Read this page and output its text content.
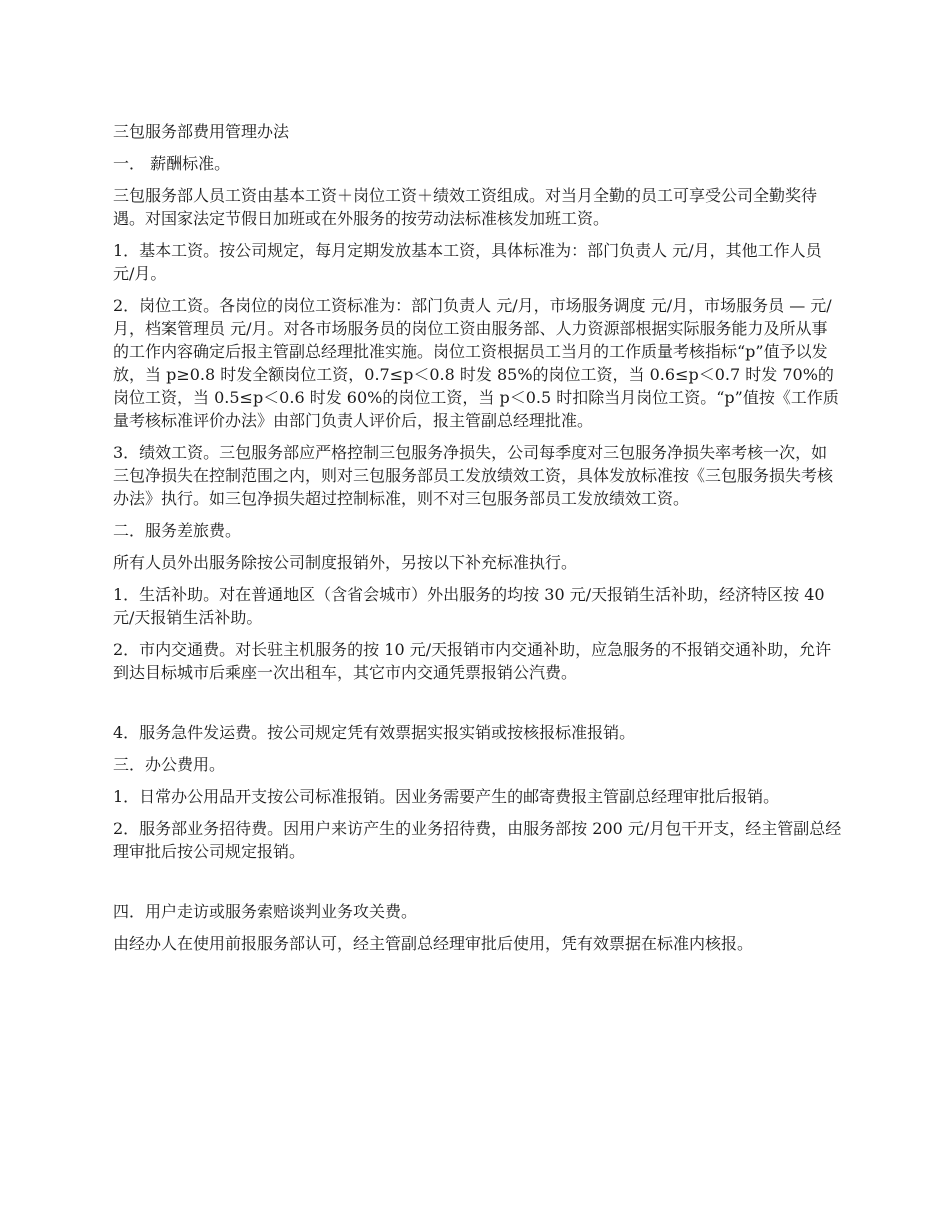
三包服务部费用管理办法

一． 薪酬标准。

三包服务部人员工资由基本工资＋岗位工资＋绩效工资组成。对当月全勤的员工可享受公司全勤奖待遇。对国家法定节假日加班或在外服务的按劳动法标准核发加班工资。

1．基本工资。按公司规定，每月定期发放基本工资，具体标准为：部门负责人 元/月，其他工作人员 元/月。

2．岗位工资。各岗位的岗位工资标准为：部门负责人 元/月，市场服务调度 元/月，市场服务员 — 元/月，档案管理员 元/月。对各市场服务员的岗位工资由服务部、人力资源部根据实际服务能力及所从事的工作内容确定后报主管副总经理批准实施。岗位工资根据员工当月的工作质量考核指标“p”值予以发放，当 p≥0.8 时发全额岗位工资，0.7≤p＜0.8 时发 85%的岗位工资，当 0.6≤p＜0.7 时发 70%的岗位工资，当 0.5≤p＜0.6 时发 60%的岗位工资，当 p＜0.5 时扣除当月岗位工资。“p”值按《工作质量考核标准评价办法》由部门负责人评价后，报主管副总经理批准。

3．绩效工资。三包服务部应严格控制三包服务净损失，公司每季度对三包服务净损失率考核一次，如三包净损失在控制范围之内，则对三包服务部员工发放绩效工资，具体发放标准按《三包服务损失考核办法》执行。如三包净损失超过控制标准，则不对三包服务部员工发放绩效工资。

二．服务差旅费。

所有人员外出服务除按公司制度报销外，另按以下补充标准执行。

1．生活补助。对在普通地区（含省会城市）外出服务的均按 30 元/天报销生活补助，经济特区按 40 元/天报销生活补助。

2．市内交通费。对长驻主机服务的按 10 元/天报销市内交通补助，应急服务的不报销交通补助，允许到达目标城市后乘座一次出租车，其它市内交通凭票报销公汽费。

4．服务急件发运费。按公司规定凭有效票据实报实销或按核报标准报销。

三．办公费用。

1．日常办公用品开支按公司标准报销。因业务需要产生的邮寄费报主管副总经理审批后报销。

2．服务部业务招待费。因用户来访产生的业务招待费，由服务部按 200 元/月包干开支，经主管副总经理审批后按公司规定报销。

四．用户走访或服务索赔谈判业务攻关费。

由经办人在使用前报服务部认可，经主管副总经理审批后使用，凭有效票据在标准内核报。
